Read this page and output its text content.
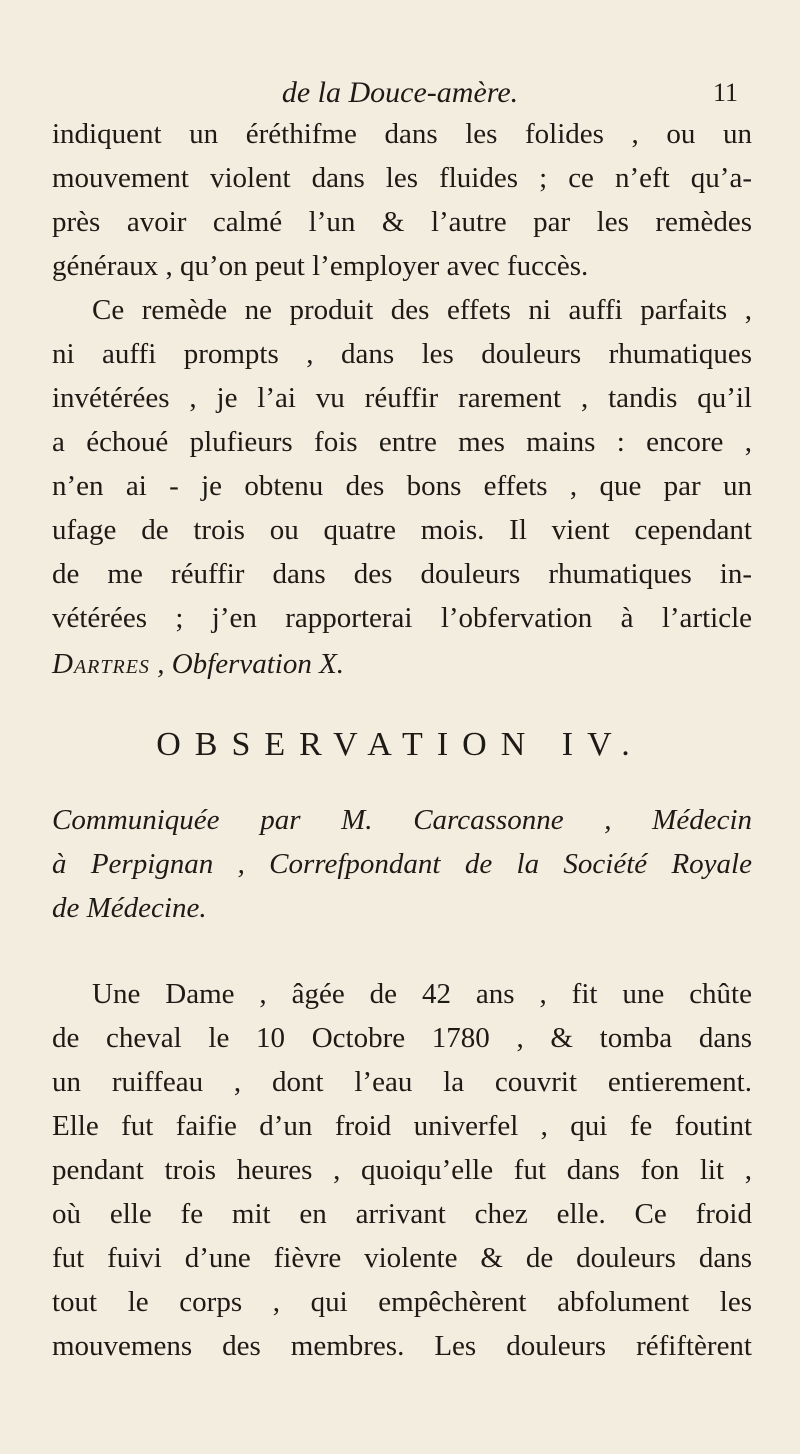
de la Douce-amère.	11
indiquent un éréthifme dans les folides , ou un
mouvement violent dans les fluides ; ce n’eft qu’a-
près avoir calmé l’un & l’autre par les remèdes
généraux , qu’on peut l’employer avec fuccès.
Ce remède ne produit des effets ni auffi parfaits ,
ni auffi prompts , dans les douleurs rhumatiques
invétérées , je l’ai vu réuffir rarement , tandis qu’il
a échoué plufieurs fois entre mes mains : encore ,
n’en ai - je obtenu des bons effets , que par un
ufage de trois ou quatre mois. Il vient cependant
de me réuffir dans des douleurs rhumatiques in-
vétérées ; j’en rapporterai l’obfervation à l’article
Dartres , Obfervation X.
OBSERVATION IV.
Communiquée par M. Carcassonne , Médecin
à Perpignan , Correfpondant de la Société Royale
de Médecine.
Une Dame , âgée de 42 ans , fit une chûte
de cheval le 10 Octobre 1780 , & tomba dans
un ruiffeau , dont l’eau la couvrit entierement.
Elle fut faifie d’un froid univerfel , qui fe foutint
pendant trois heures , quoiqu’elle fut dans fon lit ,
où elle fe mit en arrivant chez elle. Ce froid
fut fuivi d’une fièvre violente & de douleurs dans
tout le corps , qui empêchèrent abfolument les
mouvemens des membres. Les douleurs réfiftèrent
